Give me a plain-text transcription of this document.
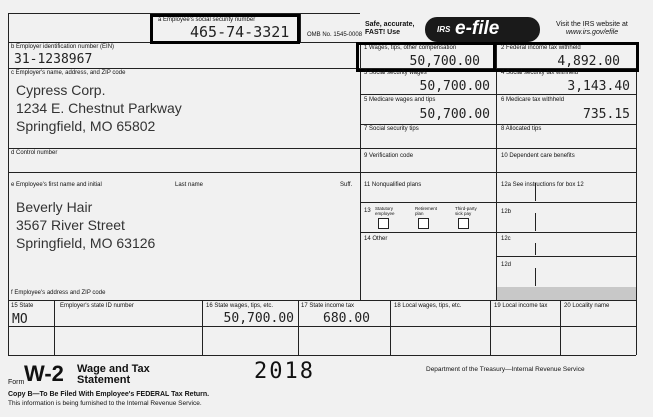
a Employee's social security number
465-74-3321	OMB No. 1545-0008
Safe, accurate,
FAST! Use	IRS e-file	Visit the IRS website at
www.irs.gov/efile
b Employer identification number (EIN)
31-1238967
c Employer's name, address, and ZIP code
Cypress Corp.
1234 E. Chestnut Parkway
Springfield, MO 65802
d Control number
1 Wages, tips, other compensation
50,700.00
2 Federal income tax withheld
4,892.00
3 Social security wages
50,700.00
4 Social security tax withheld
3,143.40
5 Medicare wages and tips
50,700.00
6 Medicare tax withheld
735.15
7 Social security tips	8 Allocated tips
9 Verification code	10 Dependent care benefits
e Employee's first name and initial	Last name	Suff.
Beverly Hair
3567 River Street
Springfield, MO 63126
f Employee's address and ZIP code
11 Nonqualified plans	12a See instructions for box 12
13 Statutory employee
Retirement plan
Third-party sick pay	12b
14 Other	12c
12d
15 State	Employer's state ID number
MO
16 State wages, tips, etc.
50,700.00
17 State income tax
680.00
18 Local wages, tips, etc.	19 Local income tax	20 Locality name
Form W-2 Wage and Tax
Statement	2018	Department of the Treasury—Internal Revenue Service
Copy B—To Be Filed With Employee's FEDERAL Tax Return.
This information is being furnished to the Internal Revenue Service.
